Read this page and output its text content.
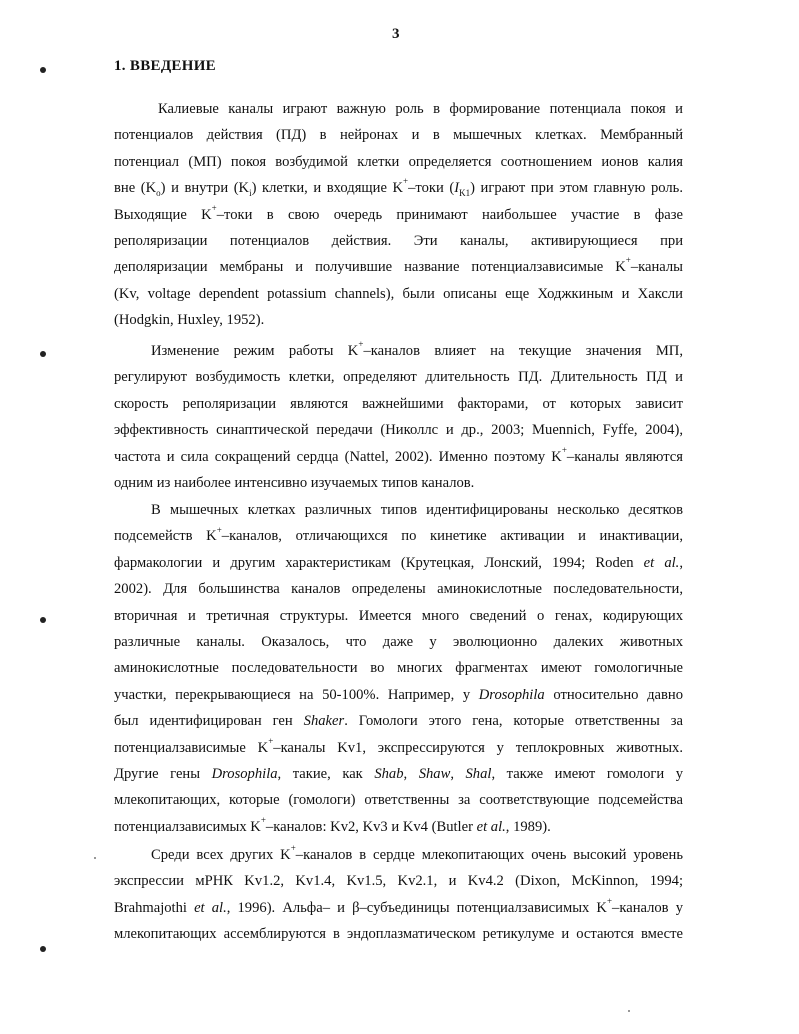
3
1. ВВЕДЕНИЕ
Калиевые каналы играют важную роль в формирование потенциала покоя и
потенциалов действия (ПД) в нейронах и в мышечных клетках. Мембранный
потенциал (МП) покоя возбудимой клетки определяется соотношением ионов калия
вне $(K_o)$ и внутри $(K_i)$ клетки, и входящие K+–токи $(I_{K1})$ играют при этом главную роль.
Выходящие K+–токи в свою очередь принимают наибольшее участие в фазе
реполяризации потенциалов действия. Эти каналы, активирующиеся при
деполяризации мембраны и получившие название потенциалзависимые K+–каналы
(Kv, voltage dependent potassium channels), были описаны еще Ходжкиным и Хаксли
(Hodgkin, Huxley, 1952).
Изменение режим работы K+–каналов влияет на текущие значения МП,
регулируют возбудимость клетки, определяют длительность ПД. Длительность ПД и
скорость реполяризации являются важнейшими факторами, от которых зависит
эффективность синаптической передачи (Николлс и др., 2003; Muennich, Fyffe, 2004),
частота и сила сокращений сердца (Nattel, 2002). Именно поэтому K+–каналы являются
одним из наиболее интенсивно изучаемых типов каналов.
В мышечных клетках различных типов идентифицированы несколько десятков
подсемейств K+–каналов, отличающихся по кинетике активации и инактивации,
фармакологии и другим характеристикам (Крутецкая, Лонский, 1994; Roden et al.,
2002). Для большинства каналов определены аминокислотные последовательности,
вторичная и третичная структуры. Имеется много сведений о генах, кодирующих
различные каналы. Оказалось, что даже у эволюционно далеких животных
аминокислотные последовательности во многих фрагментах имеют гомологичные
участки, перекрывающиеся на 50-100%. Например, у Drosophila относительно давно
был идентифицирован ген Shaker. Гомологи этого гена, которые ответственны за
потенциалзависимые K+–каналы Kv1, экспрессируются у теплокровных животных.
Другие гены Drosophila, такие, как Shab, Shaw, Shal, также имеют гомологи у
млекопитающих, которые (гомологи) ответственны за соответствующие подсемейства
потенциалзависимых K+–каналов: Kv2, Kv3 и Kv4 (Butler et al., 1989).
Среди всех других K+–каналов в сердце млекопитающих очень высокий уровень
экспрессии мРНК Kv1.2, Kv1.4, Kv1.5, Kv2.1, и Kv4.2 (Dixon, McKinnon, 1994;
Brahmajothi et al., 1996). Альфа– и β–субъединицы потенциалзависимых K+–каналов у
млекопитающих ассемблируются в эндоплазматическом ретикулуме и остаются вместе
